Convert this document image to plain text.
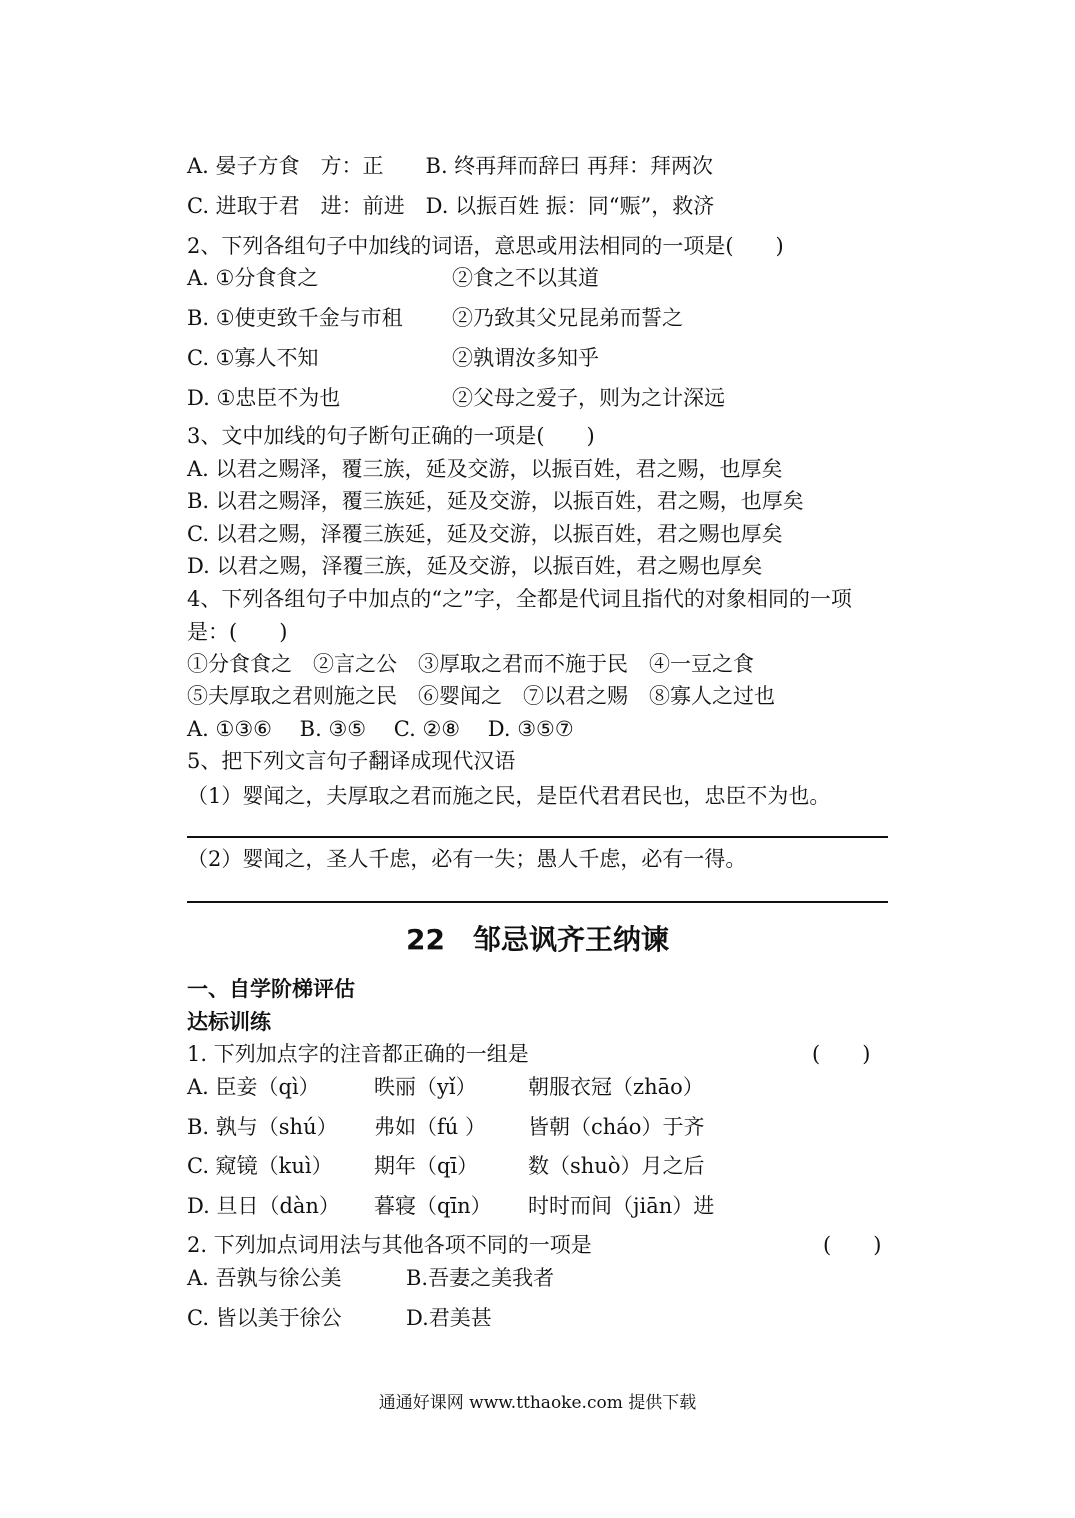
A. 晏子方食　方：正　　B. 终再拜而辞曰 再拜：拜两次
C. 进取于君　进：前进　D. 以振百姓 振：同“赈”，救济
2、下列各组句子中加线的词语，意思或用法相同的一项是(　　)
A. ①分食食之	②食之不以其道
B. ①使吏致千金与市租 ②乃致其父兄昆弟而誓之
C. ①寡人不知	②孰谓汝多知乎
D. ①忠臣不为也	②父母之爱子，则为之计深远
3、文中加线的句子断句正确的一项是(　　)
A. 以君之赐泽，覆三族，延及交游，以振百姓，君之赐，也厚矣
B. 以君之赐泽，覆三族延，延及交游，以振百姓，君之赐，也厚矣
C. 以君之赐，泽覆三族延，延及交游，以振百姓，君之赐也厚矣
D. 以君之赐，泽覆三族，延及交游，以振百姓，君之赐也厚矣
4、下列各组句子中加点的“之”字，全都是代词且指代的对象相同的一项
是：(　　)
①分食食之　②言之公　③厚取之君而不施于民　④一豆之食
⑤夫厚取之君则施之民　⑥婴闻之　⑦以君之赐　⑧寡人之过也
A. ①③⑥　 B. ③⑤　 C. ②⑧　 D. ③⑤⑦
5、把下列文言句子翻译成现代汉语
（1）婴闻之，夫厚取之君而施之民，是臣代君君民也，忠臣不为也。
（2）婴闻之，圣人千虑，必有一失；愚人千虑，必有一得。
22　邹忌讽齐王纳谏
一、自学阶梯评估
达标训练
1. 下列加点字的注音都正确的一组是	(　　)
A. 臣妾（qì）	昳丽（yǐ） 朝服衣冠（zhāo）
B. 孰与（shú） 弗如（fú ） 皆朝（cháo）于齐
C. 窥镜（kuì） 期年（qī） 数（shuò）月之后
D. 旦日（dàn） 暮寝（qīn） 时时而间（jiān）进
2. 下列加点词用法与其他各项不同的一项是	(　　)
A. 吾孰与徐公美	B.吾妻之美我者
C. 皆以美于徐公	D.君美甚
通通好课网 www.tthaoke.com 提供下载
